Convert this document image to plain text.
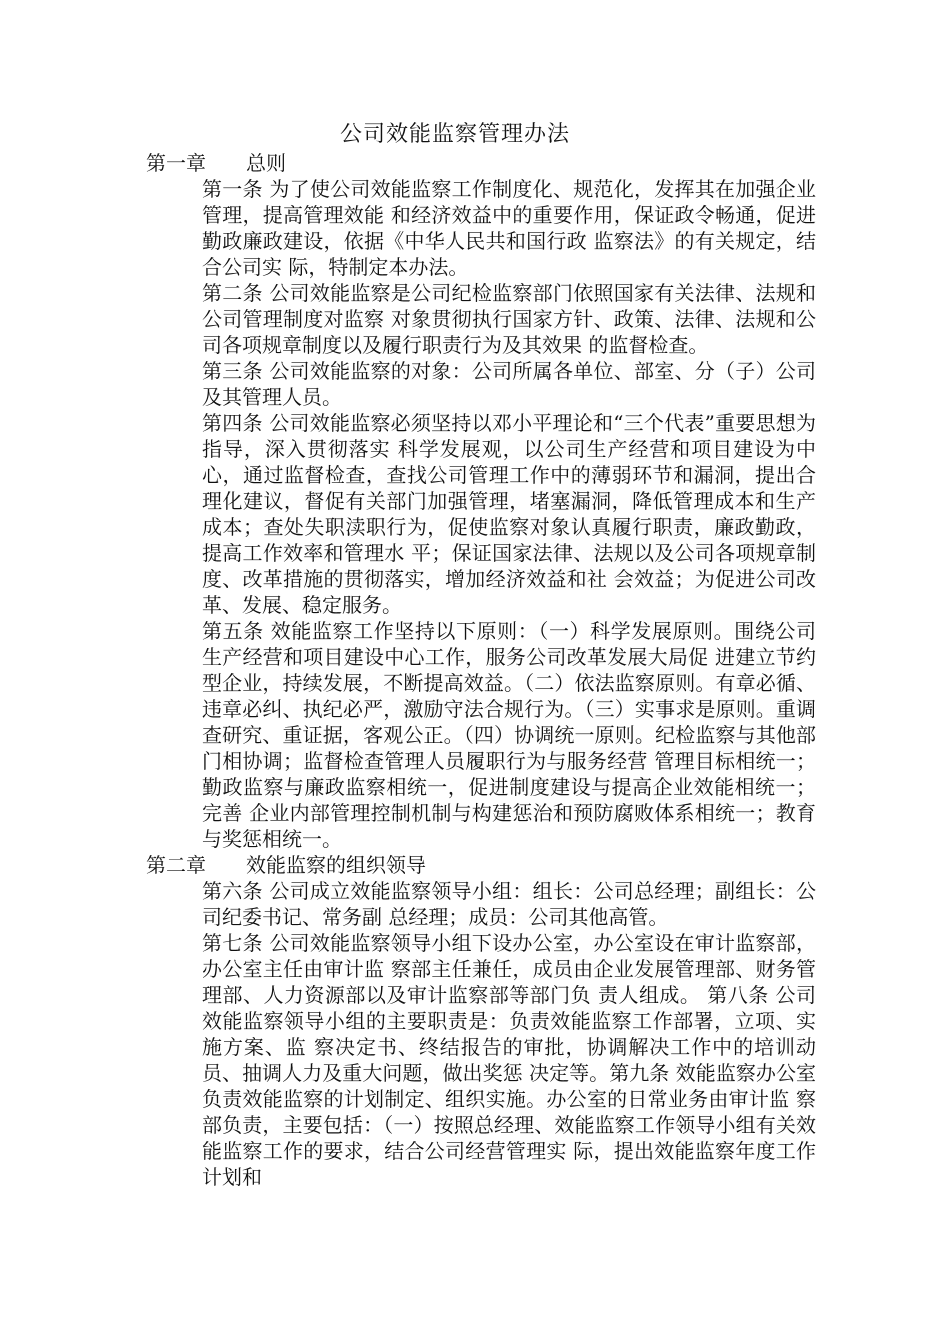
公司效能监察管理办法
第一章 总则
第一条 为了使公司效能监察工作制度化、规范化，发挥其在加强企业管理，提高管理效能 和经济效益中的重要作用，保证政令畅通，促进勤政廉政建设，依据《中华人民共和国行政 监察法》的有关规定，结合公司实 际，特制定本办法。
第二条 公司效能监察是公司纪检监察部门依照国家有关法律、法规和公司管理制度对监察 对象贯彻执行国家方针、政策、法律、法规和公司各项规章制度以及履行职责行为及其效果 的监督检查。
第三条 公司效能监察的对象：公司所属各单位、部室、分（子）公司及其管理人员。
第四条 公司效能监察必须坚持以邓小平理论和“三个代表”重要思想为指导，深入贯彻落实 科学发展观，以公司生产经营和项目建设为中心，通过监督检查，查找公司管理工作中的薄弱环节和漏洞，提出合理化建议，督促有关部门加强管理，堵塞漏洞，降低管理成本和生产 成本；查处失职渎职行为，促使监察对象认真履行职责，廉政勤政，提高工作效率和管理水 平；保证国家法律、法规以及公司各项规章制度、改革措施的贯彻落实，增加经济效益和社 会效益；为促进公司改革、发展、稳定服务。
第五条 效能监察工作坚持以下原则：（一）科学发展原则。围绕公司生产经营和项目建设中心工作，服务公司改革发展大局促 进建立节约型企业，持续发展，不断提高效益。（二）依法监察原则。有章必循、违章必纠、执纪必严，激励守法合规行为。（三）实事求是原则。重调查研究、重证据，客观公正。（四）协调统一原则。纪检监察与其他部门相协调；监督检查管理人员履职行为与服务经营 管理目标相统一；勤政监察与廉政监察相统一，促进制度建设与提高企业效能相统一；完善 企业内部管理控制机制与构建惩治和预防腐败体系相统一；教育与奖惩相统一。
第二章 效能监察的组织领导
第六条 公司成立效能监察领导小组：组长：公司总经理；副组长：公司纪委书记、常务副 总经理；成员：公司其他高管。
第七条 公司效能监察领导小组下设办公室，办公室设在审计监察部，办公室主任由审计监 察部主任兼任，成员由企业发展管理部、财务管理部、人力资源部以及审计监察部等部门负 责人组成。 第八条 公司效能监察领导小组的主要职责是：负责效能监察工作部署，立项、实施方案、监 察决定书、终结报告的审批，协调解决工作中的培训动员、抽调人力及重大问题，做出奖惩 决定等。第九条 效能监察办公室负责效能监察的计划制定、组织实施。办公室的日常业务由审计监 察部负责，主要包括：（一）按照总经理、效能监察工作领导小组有关效能监察工作的要求，结合公司经营管理实 际，提出效能监察年度工作计划和
